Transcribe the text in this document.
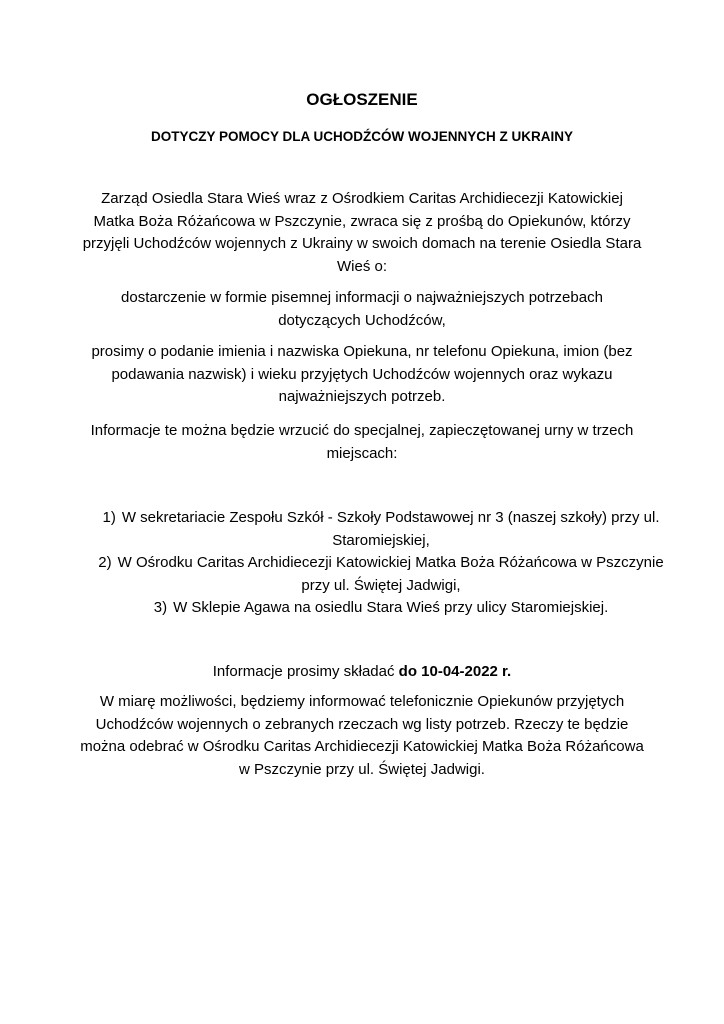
OGŁOSZENIE
DOTYCZY POMOCY DLA UCHODŹCÓW WOJENNYCH Z UKRAINY

Zarząd Osiedla Stara Wieś wraz z Ośrodkiem Caritas Archidiecezji Katowickiej Matka Boża Różańcowa w Pszczynie, zwraca się z prośbą do Opiekunów, którzy przyjęli Uchodźców wojennych z Ukrainy w swoich domach na terenie Osiedla Stara Wieś o:

dostarczenie w formie pisemnej informacji o najważniejszych potrzebach dotyczących Uchodźców,

prosimy o podanie imienia i nazwiska Opiekuna, nr telefonu Opiekuna, imion (bez podawania nazwisk) i wieku przyjętych Uchodźców wojennych oraz wykazu najważniejszych potrzeb.

Informacje te można będzie wrzucić do specjalnej, zapieczętowanej urny w trzech miejscach:

1) W sekretariacie Zespołu Szkół - Szkoły Podstawowej nr 3 (naszej szkoły) przy ul. Staromiejskiej,
2) W Ośrodku Caritas Archidiecezji Katowickiej Matka Boża Różańcowa w Pszczynie przy ul. Świętej Jadwigi,
3) W Sklepie Agawa na osiedlu Stara Wieś przy ulicy Staromiejskiej.

Informacje prosimy składać do 10-04-2022 r.

W miarę możliwości, będziemy informować telefonicznie Opiekunów przyjętych Uchodźców wojennych o zebranych rzeczach wg listy potrzeb. Rzeczy te będzie można odebrać w Ośrodku Caritas Archidiecezji Katowickiej Matka Boża Różańcowa w Pszczynie przy ul. Świętej Jadwigi.
